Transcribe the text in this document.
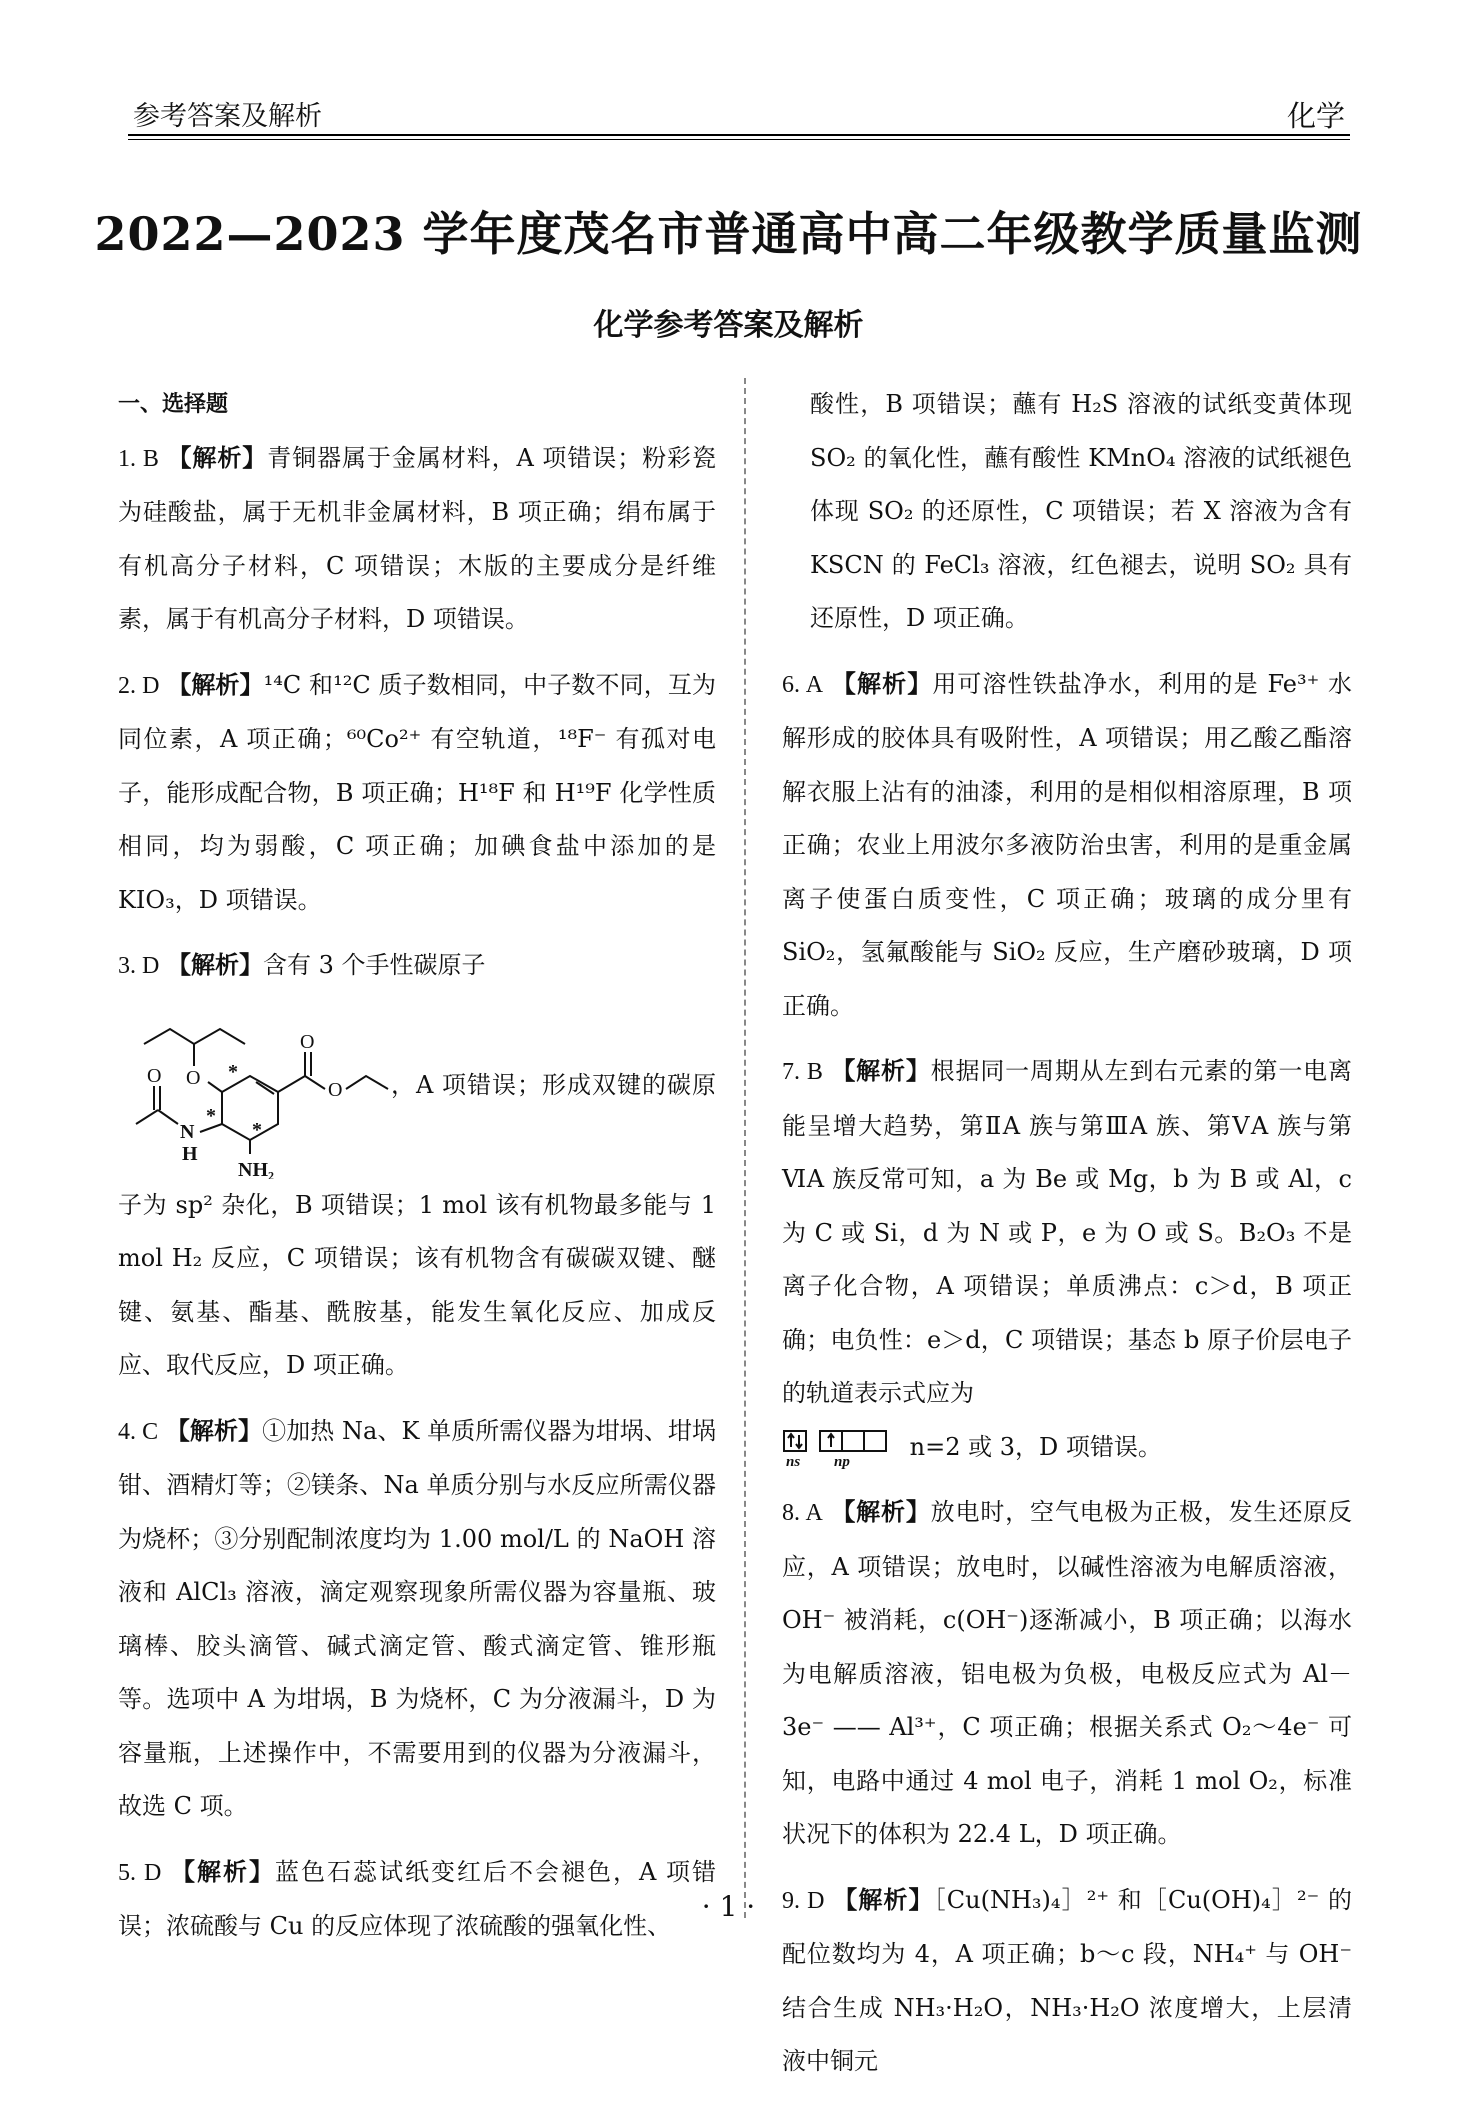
参考答案及解析	化学
2022—2023 学年度茂名市普通高中高二年级教学质量监测
化学参考答案及解析
一、选择题
1. B 【解析】青铜器属于金属材料，A 项错误；粉彩瓷为硅酸盐，属于无机非金属材料，B 项正确；绢布属于有机高分子材料，C 项错误；木版的主要成分是纤维素，属于有机高分子材料，D 项错误。
2. D 【解析】¹⁴C 和¹²C 质子数相同，中子数不同，互为同位素，A 项正确；⁶⁰Co²⁺ 有空轨道，¹⁸F⁻ 有孤对电子，能形成配合物，B 项正确；H¹⁸F 和 H¹⁹F 化学性质相同，均为弱酸，C 项正确；加碘食盐中添加的是 KIO₃，D 项错误。
3. D 【解析】含有 3 个手性碳原子

O
O
O
O
N
H
NH₂
*
*
*
，A 项错误；形成双键的碳原子为 sp² 杂化，B 项错误；1 mol 该有机物最多能与 1 mol H₂ 反应，C 项错误；该有机物含有碳碳双键、醚键、氨基、酯基、酰胺基，能发生氧化反应、加成反应、取代反应，D 项正确。
4. C 【解析】①加热 Na、K 单质所需仪器为坩埚、坩埚钳、酒精灯等；②镁条、Na 单质分别与水反应所需仪器为烧杯；③分别配制浓度均为 1.00 mol/L 的 NaOH 溶液和 AlCl₃ 溶液，滴定观察现象所需仪器为容量瓶、玻璃棒、胶头滴管、碱式滴定管、酸式滴定管、锥形瓶等。选项中 A 为坩埚，B 为烧杯，C 为分液漏斗，D 为容量瓶，上述操作中，不需要用到的仪器为分液漏斗，故选 C 项。
5. D 【解析】蓝色石蕊试纸变红后不会褪色，A 项错误；浓硫酸与 Cu 的反应体现了浓硫酸的强氧化性、
酸性，B 项错误；蘸有 H₂S 溶液的试纸变黄体现 SO₂ 的氧化性，蘸有酸性 KMnO₄ 溶液的试纸褪色体现 SO₂ 的还原性，C 项错误；若 X 溶液为含有 KSCN 的 FeCl₃ 溶液，红色褪去，说明 SO₂ 具有还原性，D 项正确。
6. A 【解析】用可溶性铁盐净水，利用的是 Fe³⁺ 水解形成的胶体具有吸附性，A 项错误；用乙酸乙酯溶解衣服上沾有的油漆，利用的是相似相溶原理，B 项正确；农业上用波尔多液防治虫害，利用的是重金属离子使蛋白质变性，C 项正确；玻璃的成分里有 SiO₂，氢氟酸能与 SiO₂ 反应，生产磨砂玻璃，D 项正确。
7. B 【解析】根据同一周期从左到右元素的第一电离能呈增大趋势，第ⅡA 族与第ⅢA 族、第ⅤA 族与第ⅥA 族反常可知，a 为 Be 或 Mg，b 为 B 或 Al，c 为 C 或 Si，d 为 N 或 P，e 为 O 或 S。B₂O₃ 不是离子化合物，A 项错误；单质沸点：c＞d，B 项正确；电负性：e＞d，C 项错误；基态 b 原子价层电子的轨道表示式应为

ns np
n=2 或 3，D 项错误。
8. A 【解析】放电时，空气电极为正极，发生还原反应，A 项错误；放电时，以碱性溶液为电解质溶液，OH⁻ 被消耗，c(OH⁻)逐渐减小，B 项正确；以海水为电解质溶液，铝电极为负极，电极反应式为 Al－3e⁻ —— Al³⁺，C 项正确；根据关系式 O₂～4e⁻ 可知，电路中通过 4 mol 电子，消耗 1 mol O₂，标准状况下的体积为 22.4 L，D 项正确。
9. D 【解析】［Cu(NH₃)₄］²⁺ 和［Cu(OH)₄］²⁻ 的配位数均为 4，A 项正确；b～c 段，NH₄⁺ 与 OH⁻ 结合生成 NH₃·H₂O，NH₃·H₂O 浓度增大，上层清液中铜元
· 1 ·
